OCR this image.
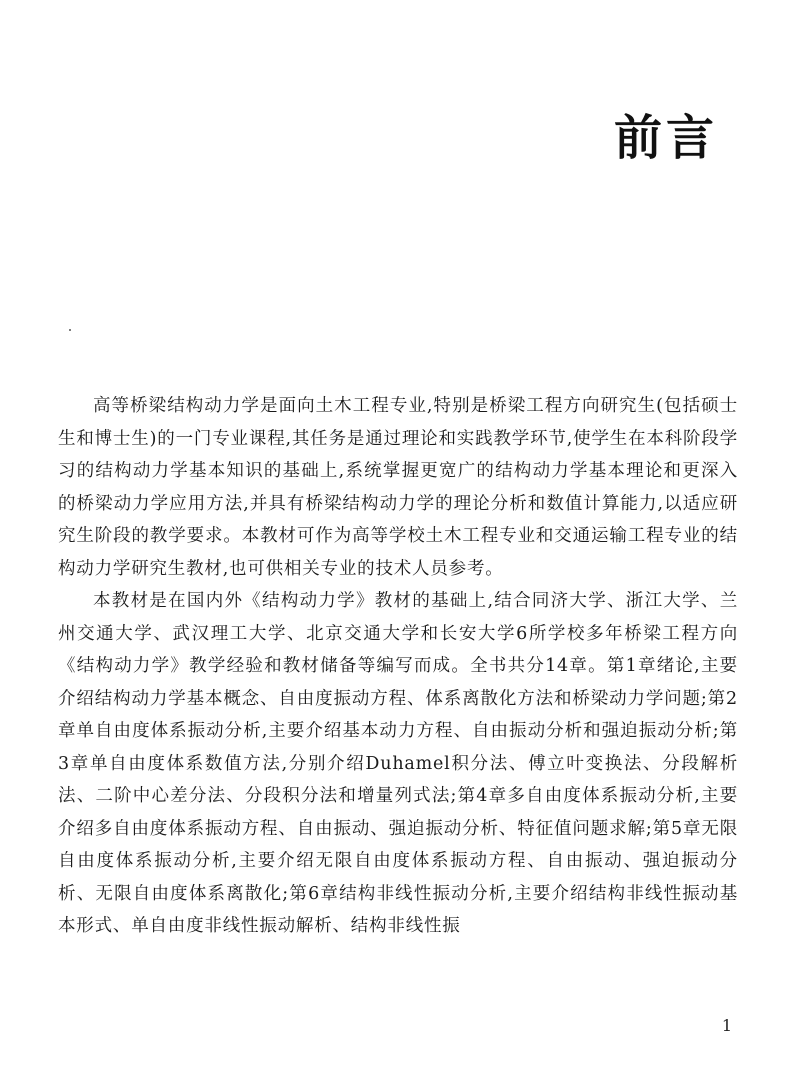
前言

高等桥梁结构动力学是面向土木工程专业,特别是桥梁工程方向研究生(包括硕士生和博士生)的一门专业课程,其任务是通过理论和实践教学环节,使学生在本科阶段学习的结构动力学基本知识的基础上,系统掌握更宽广的结构动力学基本理论和更深入的桥梁动力学应用方法,并具有桥梁结构动力学的理论分析和数值计算能力,以适应研究生阶段的教学要求。本教材可作为高等学校土木工程专业和交通运输工程专业的结构动力学研究生教材,也可供相关专业的技术人员参考。

本教材是在国内外《结构动力学》教材的基础上,结合同济大学、浙江大学、兰州交通大学、武汉理工大学、北京交通大学和长安大学6所学校多年桥梁工程方向《结构动力学》教学经验和教材储备等编写而成。全书共分14章。第1章绪论,主要介绍结构动力学基本概念、自由度振动方程、体系离散化方法和桥梁动力学问题;第2章单自由度体系振动分析,主要介绍基本动力方程、自由振动分析和强迫振动分析;第3章单自由度体系数值方法,分别介绍Duhamel积分法、傅立叶变换法、分段解析法、二阶中心差分法、分段积分法和增量列式法;第4章多自由度体系振动分析,主要介绍多自由度体系振动方程、自由振动、强迫振动分析、特征值问题求解;第5章无限自由度体系振动分析,主要介绍无限自由度体系振动方程、自由振动、强迫振动分析、无限自由度体系离散化;第6章结构非线性振动分析,主要介绍结构非线性振动基本形式、单自由度非线性振动解析、结构非线性振

1
